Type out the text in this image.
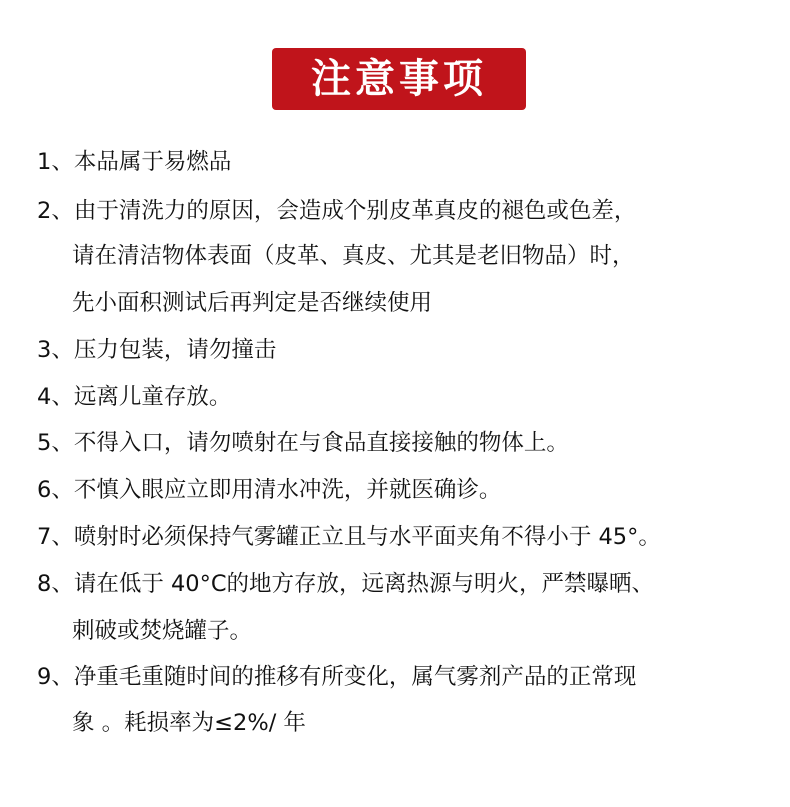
注意事项
1、本品属于易燃品
2、由于清洗力的原因，会造成个别皮革真皮的褪色或色差，
请在清洁物体表面（皮革、真皮、尤其是老旧物品）时，
先小面积测试后再判定是否继续使用
3、压力包装，请勿撞击
4、远离儿童存放。
5、不得入口，请勿喷射在与食品直接接触的物体上。
6、不慎入眼应立即用清水冲洗，并就医确诊。
7、喷射时必须保持气雾罐正立且与水平面夹角不得小于 45°。
8、请在低于 40°C的地方存放，远离热源与明火，严禁曝晒、
刺破或焚烧罐子。
9、净重毛重随时间的推移有所变化，属气雾剂产品的正常现
象 。耗损率为≤2%/ 年
